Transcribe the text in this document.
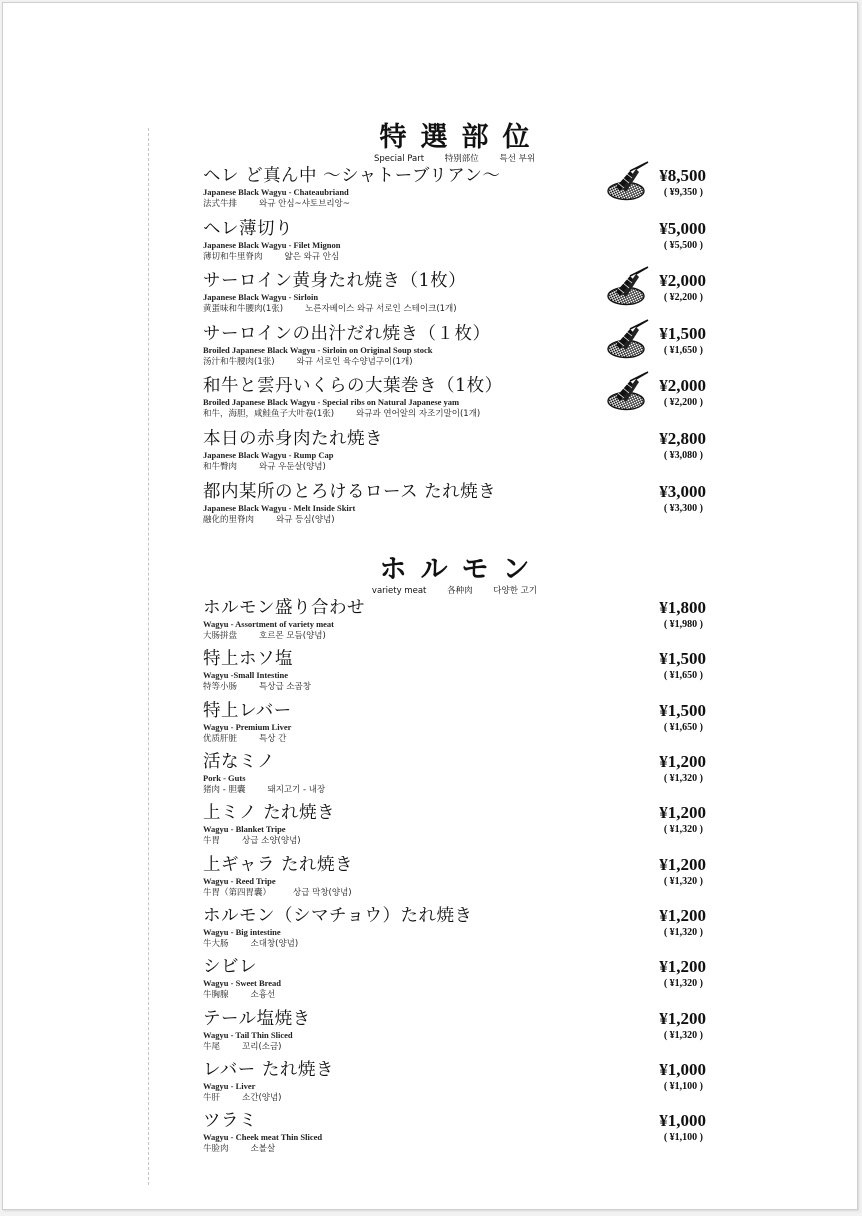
特選部位
Special Part 特别部位 특선 부위
ヘレ ど真ん中 ～シャトーブリアン～
Japanese Black Wagyu - Chateaubriand
法式牛排	와규 안심~샤토브리앙~
¥8,500
( ¥9,350 )
ヘレ薄切り
Japanese Black Wagyu - Filet Mignon
薄切和牛里脊肉	얇은 와규 안심
¥5,000
( ¥5,500 )
サーロイン黄身たれ焼き（1枚）
Japanese Black Wagyu - Sirloin
黄蛋味和牛腰肉(1张)	노른자베이스 와규 서로인 스테이크(1개)
¥2,000
( ¥2,200 )
サーロインの出汁だれ焼き（１枚）
Broiled Japanese Black Wagyu - Sirloin on Original Soup stock
汤汁和牛腰肉(1张)	와규 서로인 육수양념구이(1개)
¥1,500
( ¥1,650 )
和牛と雲丹いくらの大葉巻き（1枚）
Broiled Japanese Black Wagyu - Special ribs on Natural Japanese yam
和牛，海胆，咸鲑鱼子大叶卷(1张)	와규과 연어알의 자조기말이(1개)
¥2,000
( ¥2,200 )
本日の赤身肉たれ焼き
Japanese Black Wagyu - Rump Cap
和牛臀肉	와규 우둔살(양념)
¥2,800
( ¥3,080 )
都内某所のとろけるロース たれ焼き
Japanese Black Wagyu - Melt Inside Skirt
融化的里脊肉	와규 등심(양념)
¥3,000
( ¥3,300 )
ホルモン
variety meat 各种肉 다양한 고기
ホルモン盛り合わせ
Wagyu - Assortment of variety meat
大肠拼盘	호르몬 모듬(양념)
¥1,800
( ¥1,980 )
特上ホソ塩
Wagyu -Small Intestine
特等小肠	특상급 소곱창
¥1,500
( ¥1,650 )
特上レバー
Wagyu - Premium Liver
优质肝脏	특상 간
¥1,500
( ¥1,650 )
活なミノ
Pork - Guts
猪肉 - 胆囊	돼지고기 - 내장
¥1,200
( ¥1,320 )
上ミノ たれ焼き
Wagyu - Blanket Tripe
牛胃	상급 소양(양념)
¥1,200
( ¥1,320 )
上ギャラ たれ焼き
Wagyu - Reed Tripe
牛胃（第四胃囊）	상급 막창(양념)
¥1,200
( ¥1,320 )
ホルモン（シマチョウ）たれ焼き
Wagyu - Big intestine
牛大肠	소대창(양념)
¥1,200
( ¥1,320 )
シビレ
Wagyu - Sweet Bread
牛胸腺	소흉선
¥1,200
( ¥1,320 )
テール塩焼き
Wagyu - Tail Thin Sliced
牛尾	꼬리(소금)
¥1,200
( ¥1,320 )
レバー たれ焼き
Wagyu - Liver
牛肝	소간(양념)
¥1,000
( ¥1,100 )
ツラミ
Wagyu - Cheek meat Thin Sliced
牛脸肉	소볼살
¥1,000
( ¥1,100 )
